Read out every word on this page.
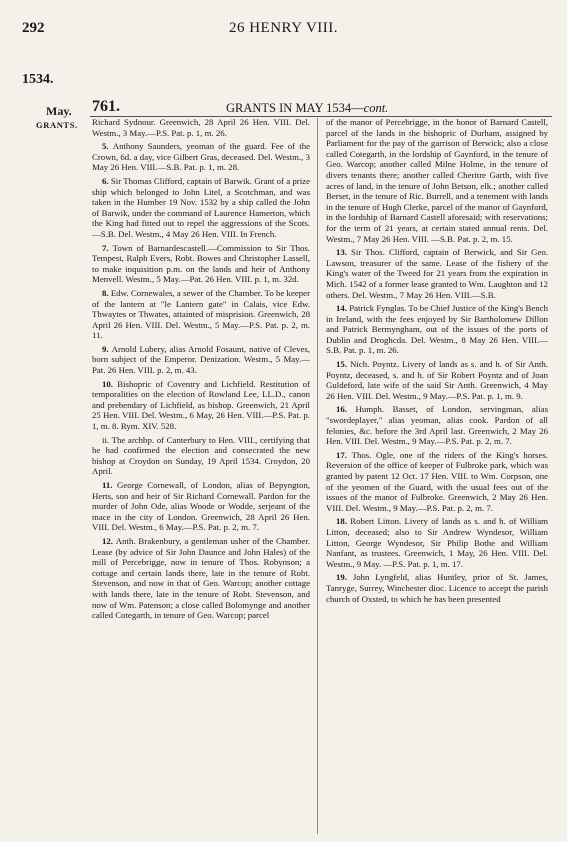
292	26 HENRY VIII.
1534.
May.
GRANTS.
761.	GRANTS IN MAY 1534—cont.

Richard Sydnour. Greenwich, 28 April 26 Hen. VIII. Del. Westm., 3 May.—P.S. Pat. p. 1, m. 26.

5. Anthony Saunders, yeoman of the guard. Fee of the Crown, 6d. a day, vice Gilbert Gras, deceased. Del. Westm., 3 May 26 Hen. VIII.—S.B. Pat. p. 1, m. 28.

6. Sir Thomas Clifford, captain of Barwik. Grant of a prize ship which belonged to John Litel, a Scotchman, and was taken in the Humber 19 Nov. 1532 by a ship called the John of Barwik, under the command of Laurence Hamerton, which the King had fitted out to repel the aggressions of the Scots.—S.B. Del. Westm., 4 May 26 Hen. VIII. In French.

7. Town of Barnardescastell.—Commission to Sir Thos. Tempest, Ralph Evers, Robt. Bowes and Christopher Lassell, to make inquisition p.m. on the lands and heir of Anthony Menvell. Westm., 5 May.—Pat. 26 Hen. VIII. p. 1, m. 32d.

8. Edw. Cornewales, a sewer of the Chamber. To be keeper of the lantern at "le Lantern gate" in Calais, vice Edw. Thwaytes or Thwates, attainted of misprision. Greenwich, 28 April 26 Hen. VIII. Del. Westm., 5 May.—P.S. Pat. p. 2, m. 11.

9. Arnold Lubery, alias Arnold Fosaunt, native of Cleves, born subject of the Emperor. Denization. Westm., 5 May.—Pat. 26 Hen. VIII. p. 2, m. 43.

10. Bishopric of Coventry and Lichfield. Restitution of temporalities on the election of Rowland Lee, LL.D., canon and prebendary of Lichfield, as bishop. Greenwich, 21 April 25 Hen. VIII. Del. Westm., 6 May, 26 Hen. VIII.—P.S. Pat. p. 1, m. 8. Rym. XIV. 528.

ii. The archbp. of Canterbury to Hen. VIII., certifying that he had confirmed the election and consecrated the new bishop at Croydon on Sunday, 19 April 1534. Croydon, 20 April.

11. George Cornewall, of London, alias of Bepyngton, Herts, son and heir of Sir Richard Cornewall. Pardon for the murder of John Ode, alias Woode or Wodde, serjeant of the mace in the city of London. Greenwich, 28 April 26 Hen. VIII. Del. Westm., 6 May.—P.S. Pat. p. 2, m. 7.

12. Anth. Brakenbury, a gentleman usher of the Chamber. Lease (by advice of Sir John Daunce and John Hales) of the mill of Percebrigge, now in tenure of Thos. Robynson; a cottage and certain lands there, late in the tenure of Robt. Stevenson, and now in that of Geo. Warcop; another cottage with lands there, late in the tenure of Robt. Stevenson, and now of Wm. Patenson; a close called Bolomynge and another called Cotegarth, in tenure of Geo. Warcop; parcel

of the manor of Percebrigge, in the honor of Barnard Castell, parcel of the lands in the bishopric of Durham, assigned by Parliament for the pay of the garrison of Berwick; also a close called Cotegarth, in the lordship of Gaynford, in the tenure of Geo. Warcop; another called Milne Holme, in the tenure of divers tenants there; another called Cheritre Garth, with five acres of land, in the tenure of John Betson, elk.; another called Berset, in the tenure of Ric. Burrell, and a tenement with lands in the tenure of Hugh Clerke, parcel of the manor of Gaynford, in the lordship of Barnard Castell aforesaid; with reservations; for the term of 21 years, at certain stated annual rents. Del. Westm., 7 May 26 Hen. VIII. —S.B. Pat. p. 2, m. 15.

13. Sir Thos. Clifford, captain of Berwick, and Sir Geo. Lawson, treasurer of the same. Lease of the fishery of the King's water of the Tweed for 21 years from the expiration in Mich. 1542 of a former lease granted to Wm. Laughton and 12 others. Del. Westm., 7 May 26 Hen. VIII.—S.B.

14. Patrick Fynglas. To be Chief Justice of the King's Bench in Ireland, with the fees enjoyed by Sir Bartholomew Dillon and Patrick Bermyngham, out of the issues of the ports of Dublin and Droghcda. Del. Westm., 8 May 26 Hen. VIII.—S.B. Pat. p. 1, m. 26.

15. Nich. Poyntz. Livery of lands as s. and h. of Sir Anth. Poyntz, deceased, s. and h. of Sir Robert Poyntz and of Joan Guldeford, late wife of the said Sir Anth. Greenwich, 4 May 26 Hen. VIII. Del. Westm., 9 May.—P.S. Pat. p. 1, m. 9.

16. Humph. Basset, of London, servingman, alias "swordeplayer," alias yeoman, alias cook. Pardon of all felonies, &c. before the 3rd April last. Greenwich, 2 May 26 Hen. VIII. Del. Westm., 9 May.—P.S. Pat. p. 2, m. 7.

17. Thos. Ogle, one of the riders of the King's horses. Reversion of the office of keeper of Fulbroke park, which was granted by patent 12 Oct. 17 Hen. VIII. to Wm. Corpson, one of the yeomen of the Guard, with the usual fees out of the issues of the manor of Fulbroke. Greenwich, 2 May 26 Hen. VIII. Del. Westm., 9 May.—P.S. Pat. p. 2, m. 7.

18. Robert Litton. Livery of lands as s. and h. of William Litton, deceased; also to Sir Andrew Wyndesor, William Litton, George Wyndesor, Sir Philip Bothe and William Nanfant, as trustees. Greenwich, 1 May, 26 Hen. VIII. Del. Westm., 9 May. —P.S. Pat. p. 1, m. 17.

19. John Lyngfeld, alias Huntley, prior of St. James, Tanryge, Surrey, Winchester dioc. Licence to accept the parish church of Oxsted, to which he has been presented
